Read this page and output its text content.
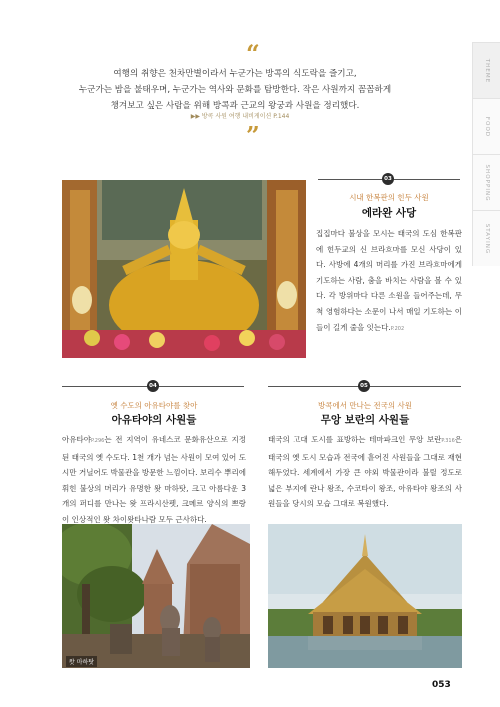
“
여행의 취향은 천차만별이라서 누군가는 방콕의 식도락을 즐기고,
누군가는 밤을 불태우며, 누군가는 역사와 문화를 탐방한다. 작은 사원까지 꼼꼼하게
챙겨보고 싶은 사람을 위해 방콕과 근교의 왕궁과 사원을 정리했다.
▶▶ 방콕 사원 여행 내비게이션 P.144
”
THEME
FOOD
SHOPPING
STAYING
03
시내 한복판의 힌두 사원
에라완 사당
집집마다 불상을 모시는 태국의 도심 한복판에 힌두교의 신 브라흐마를 모신 사당이 있다. 사방에 4개의 머리를 가진 브라흐마에게 기도하는 사람, 춤을 바치는 사람을 볼 수 있다. 각 방위마다 다른 소원을 들어주는데, 무척 영험하다는 소문이 나서 매일 기도하는 이들이 길게 줄을 잇는다.P.202
04
옛 수도의 아유타야를 찾아
아유타야의 사원들
아유타야P.296는 전 지역이 유네스코 문화유산으로 지정된 태국의 옛 수도다. 1천 개가 넘는 사원이 모여 있어 도시만 거닐어도 박물관을 방문한 느낌이다. 보리수 뿌리에 휘힌 불상의 머리가 유명한 왓 마하탓, 크고 아름다운 3개의 퍼디를 만나는 왓 프라시산펫, 크메르 양식의 쁘랑이 인상적인 왓 차이왓타나람 모두 근사하다.
05
방콕에서 만나는 전국의 사원
무앙 보란의 사원들
태국의 고대 도시를 표방하는 테마파크인 무앙 보란P.316은 태국의 옛 도시 모습과 전국에 흩어진 사원들을 그대로 재현해두었다. 세계에서 가장 큰 야외 박물관이라 불릴 정도로 넓은 부지에 란나 왕조, 수코타이 왕조, 아유타야 왕조의 사원들을 당시의 모습 그대로 복원했다.
왓 마하탓
053
